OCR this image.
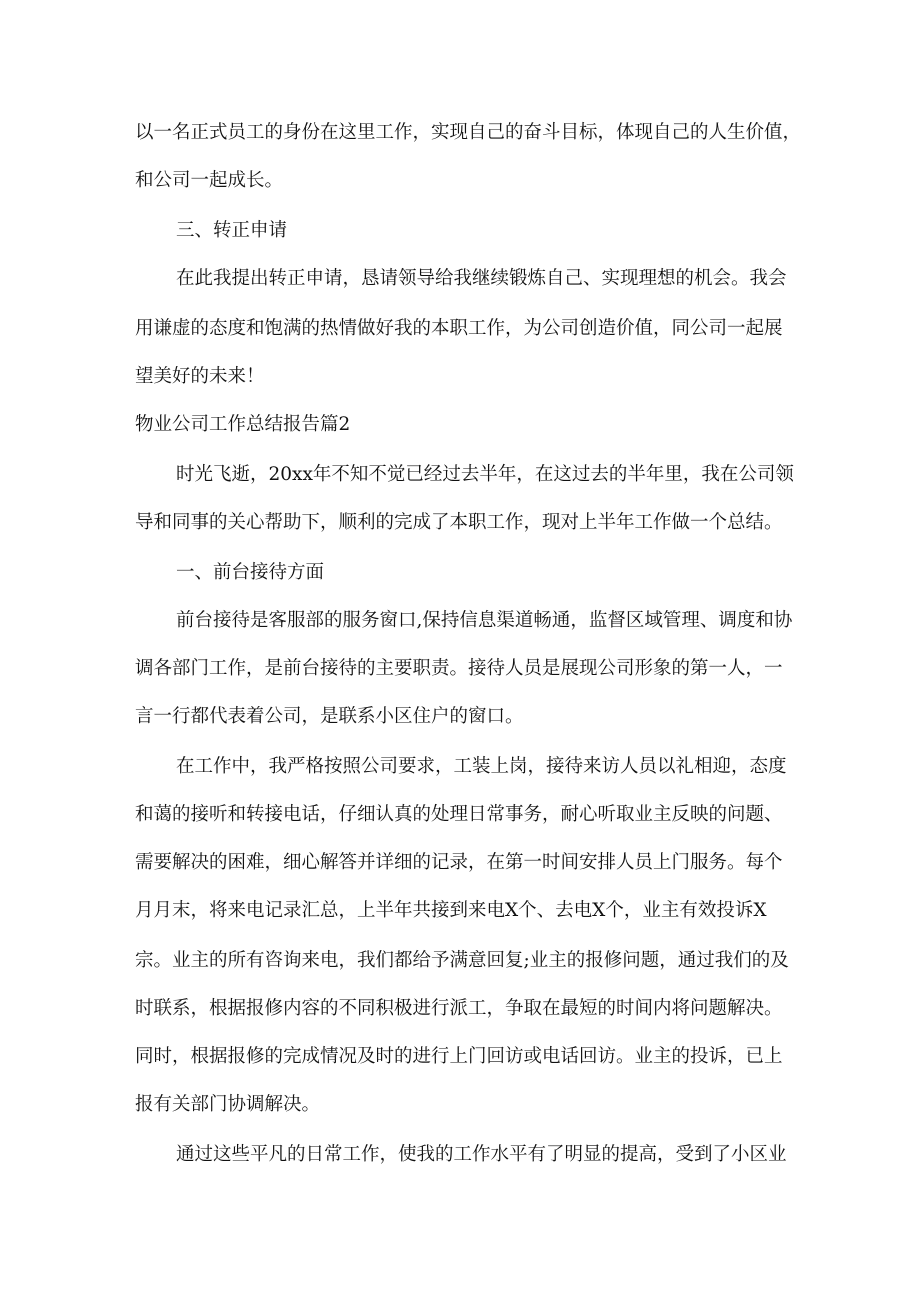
以一名正式员工的身份在这里工作，实现自己的奋斗目标，体现自己的人生价值，
和公司一起成长。
三、转正申请
在此我提出转正申请，恳请领导给我继续锻炼自己、实现理想的机会。我会
用谦虚的态度和饱满的热情做好我的本职工作，为公司创造价值，同公司一起展
望美好的未来！
物业公司工作总结报告篇2
时光飞逝，20xx年不知不觉已经过去半年，在这过去的半年里，我在公司领
导和同事的关心帮助下，顺利的完成了本职工作，现对上半年工作做一个总结。
一、前台接待方面
前台接待是客服部的服务窗口,保持信息渠道畅通，监督区域管理、调度和协
调各部门工作，是前台接待的主要职责。接待人员是展现公司形象的第一人，一
言一行都代表着公司，是联系小区住户的窗口。
在工作中，我严格按照公司要求，工装上岗，接待来访人员以礼相迎，态度
和蔼的接听和转接电话，仔细认真的处理日常事务，耐心听取业主反映的问题、
需要解决的困难，细心解答并详细的记录，在第一时间安排人员上门服务。每个
月月末，将来电记录汇总，上半年共接到来电X个、去电X个，业主有效投诉X
宗。业主的所有咨询来电，我们都给予满意回复;业主的报修问题，通过我们的及
时联系，根据报修内容的不同积极进行派工，争取在最短的时间内将问题解决。
同时，根据报修的完成情况及时的进行上门回访或电话回访。业主的投诉，已上
报有关部门协调解决。
通过这些平凡的日常工作，使我的工作水平有了明显的提高，受到了小区业
